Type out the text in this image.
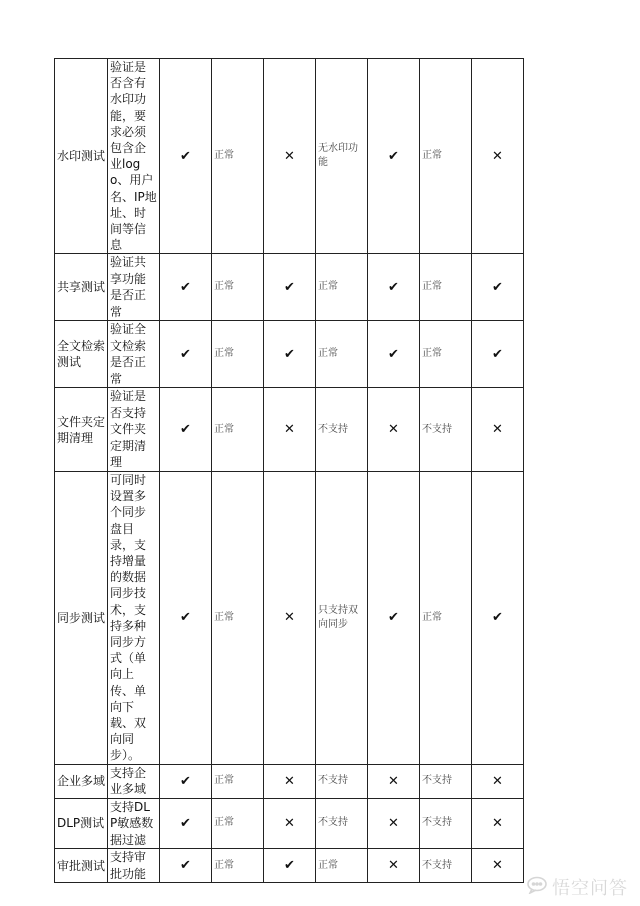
水印测试	验证是否含有水印功能，要求必须包含企业logo、用户名、IP地址、时间等信息	✔	正常	✕	无水印功能	✔	正常	✕
共享测试	验证共享功能是否正常	✔	正常	✔	正常	✔	正常	✔
全文检索测试	验证全文检索是否正常	✔	正常	✔	正常	✔	正常	✔
文件夹定期清理	验证是否支持文件夹定期清理	✔	正常	✕	不支持	✕	不支持	✕
同步测试	可同时设置多个同步盘目录，支持增量的数据同步技术，支持多种同步方式（单向上传、单向下载、双向同步）。	✔	正常	✕	只支持双向同步	✔	正常	✔
企业多域	支持企业多域	✔	正常	✕	不支持	✕	不支持	✕
DLP测试	支持DLP敏感数据过滤	✔	正常	✕	不支持	✕	不支持	✕
审批测试	支持审批功能	✔	正常	✔	正常	✕	不支持	✕
悟空问答
